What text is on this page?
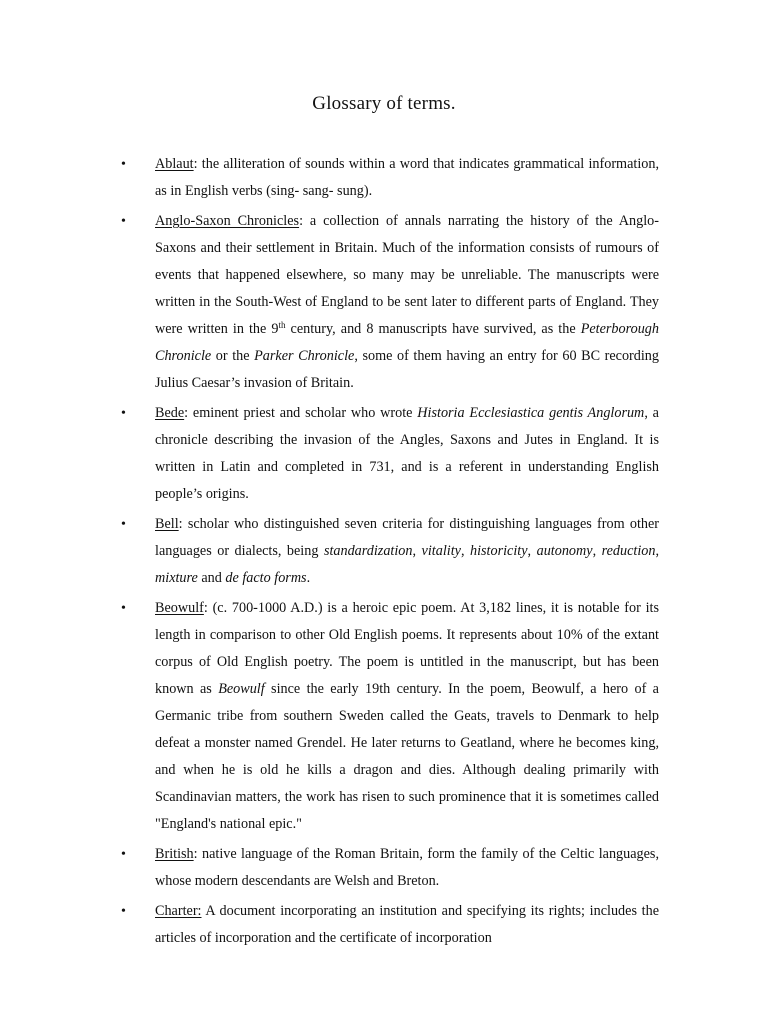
Glossary of terms.
•	Ablaut: the alliteration of sounds within a word that indicates grammatical information, as in English verbs (sing- sang- sung).
•	Anglo-Saxon Chronicles: a collection of annals narrating the history of the Anglo-Saxons and their settlement in Britain. Much of the information consists of rumours of events that happened elsewhere, so many may be unreliable. The manuscripts were written in the South-West of England to be sent later to different parts of England. They were written in the 9th century, and 8 manuscripts have survived, as the Peterborough Chronicle or the Parker Chronicle, some of them having an entry for 60 BC recording Julius Caesar’s invasion of Britain.
•	Bede: eminent priest and scholar who wrote Historia Ecclesiastica gentis Anglorum, a chronicle describing the invasion of the Angles, Saxons and Jutes in England. It is written in Latin and completed in 731, and is a referent in understanding English people’s origins.
•	Bell: scholar who distinguished seven criteria for distinguishing languages from other languages or dialects, being standardization, vitality, historicity, autonomy, reduction, mixture and de facto forms.
•	Beowulf: (c. 700-1000 A.D.) is a heroic epic poem. At 3,182 lines, it is notable for its length in comparison to other Old English poems. It represents about 10% of the extant corpus of Old English poetry. The poem is untitled in the manuscript, but has been known as Beowulf since the early 19th century. In the poem, Beowulf, a hero of a Germanic tribe from southern Sweden called the Geats, travels to Denmark to help defeat a monster named Grendel. He later returns to Geatland, where he becomes king, and when he is old he kills a dragon and dies. Although dealing primarily with Scandinavian matters, the work has risen to such prominence that it is sometimes called "England's national epic."
•	British: native language of the Roman Britain, form the family of the Celtic languages, whose modern descendants are Welsh and Breton.
•	Charter: A document incorporating an institution and specifying its rights; includes the articles of incorporation and the certificate of incorporation
